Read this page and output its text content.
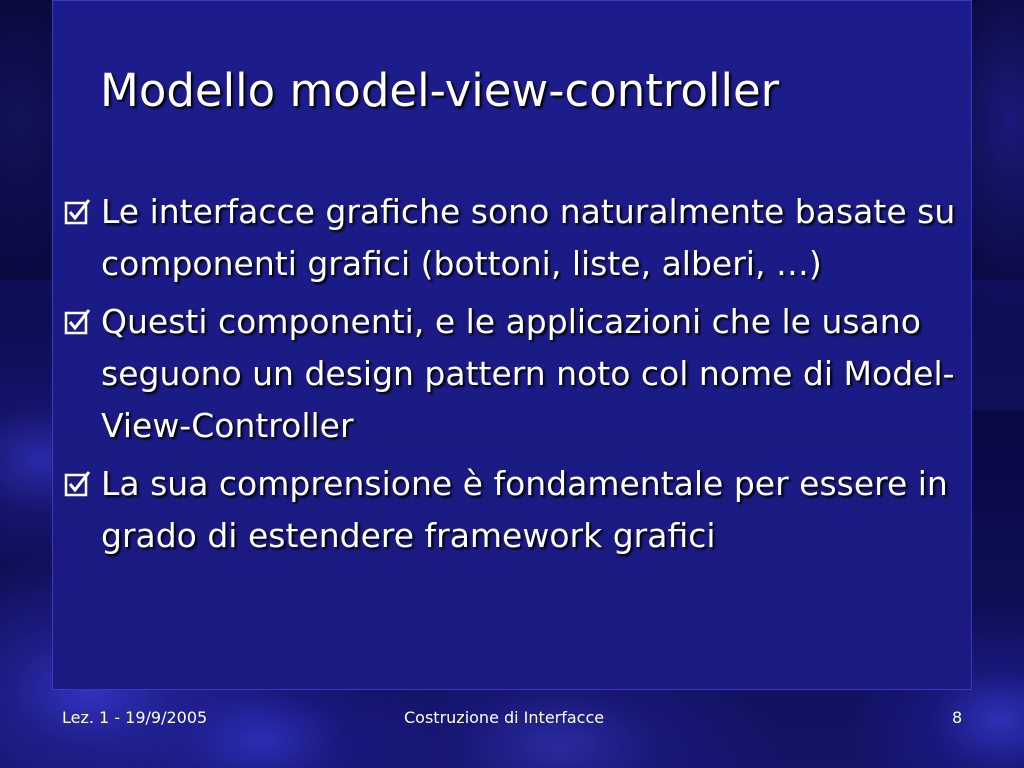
Modello model-view-controller
Le interfacce grafiche sono naturalmente basate su componenti grafici (bottoni, liste, alberi, …)
Questi componenti, e le applicazioni che le usano seguono un design pattern noto col nome di Model-View-Controller
La sua comprensione è fondamentale per essere in grado di estendere framework grafici
Lez. 1 - 19/9/2005	Costruzione di Interfacce	8
